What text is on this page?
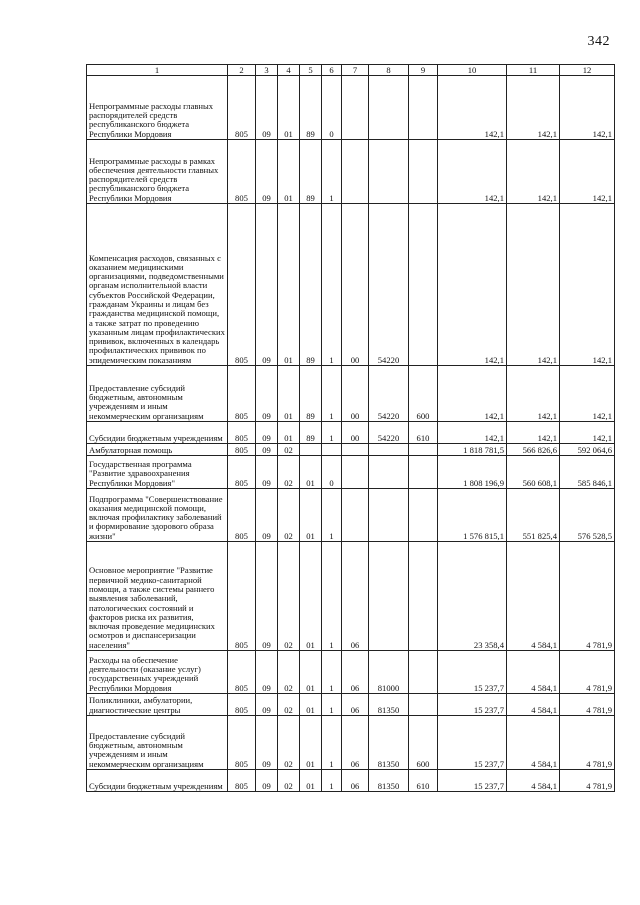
342
1	2	3	4	5	6	7	8	9	10	11	12
Непрограммные расходы главных распорядителей средств республиканского бюджета Республики Мордовия	805	09	01	89	0				142,1	142,1	142,1
Непрограммные расходы в рамках обеспечения деятельности главных распорядителей средств республиканского бюджета Республики Мордовия	805	09	01	89	1				142,1	142,1	142,1
Компенсация расходов, связанных с оказанием медицинскими организациями, подведомственными органам исполнительной власти субъектов Российской Федерации, гражданам Украины и лицам без гражданства медицинской помощи, а также затрат по проведению указанным лицам профилактических прививок, включенных в календарь профилактических прививок по эпидемическим показаниям	805	09	01	89	1	00	54220		142,1	142,1	142,1
Предоставление субсидий бюджетным, автономным учреждениям и иным некоммерческим организациям	805	09	01	89	1	00	54220	600	142,1	142,1	142,1
Субсидии бюджетным учреждениям	805	09	01	89	1	00	54220	610	142,1	142,1	142,1
Амбулаторная помощь	805	09	02						1 818 781,5	566 826,6	592 064,6
Государственная программа "Развитие здравоохранения Республики Мордовия"	805	09	02	01	0				1 808 196,9	560 608,1	585 846,1
Подпрограмма "Совершенствование оказания медицинской помощи, включая профилактику заболеваний и формирование здорового образа жизни"	805	09	02	01	1				1 576 815,1	551 825,4	576 528,5
Основное мероприятие "Развитие первичной медико-санитарной помощи, а также системы раннего выявления заболеваний, патологических состояний и факторов риска их развития, включая проведение медицинских осмотров и диспансеризации населения"	805	09	02	01	1	06			23 358,4	4 584,1	4 781,9
Расходы на обеспечение деятельности (оказание услуг) государственных учреждений Республики Мордовия	805	09	02	01	1	06	81000		15 237,7	4 584,1	4 781,9
Поликлиники, амбулатории, диагностические центры	805	09	02	01	1	06	81350		15 237,7	4 584,1	4 781,9
Предоставление субсидий бюджетным, автономным учреждениям и иным некоммерческим организациям	805	09	02	01	1	06	81350	600	15 237,7	4 584,1	4 781,9
Субсидии бюджетным учреждениям	805	09	02	01	1	06	81350	610	15 237,7	4 584,1	4 781,9
